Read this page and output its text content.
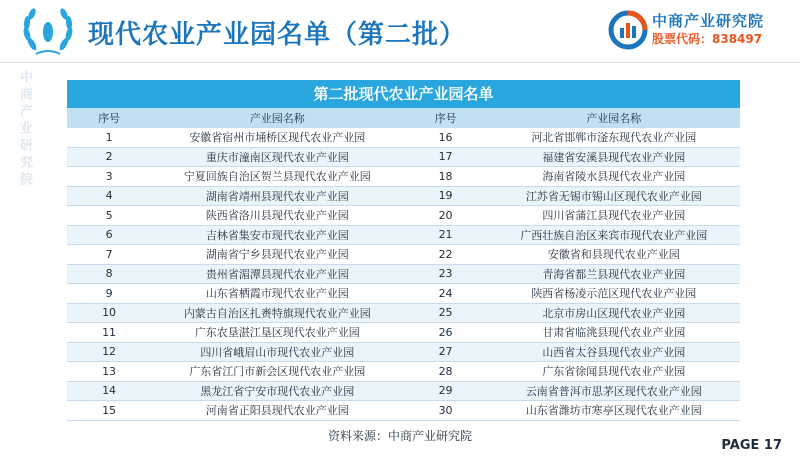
现代农业产业园名单（第二批）	中商产业研究院
股票代码：838497
中商产业研究院	第二批现代农业产业园名单
序号	产业园名称	序号	产业园名称
1	安徽省宿州市埇桥区现代农业产业园	16	河北省邯郸市滏东现代农业产业园
2	重庆市潼南区现代农业产业园	17	福建省安溪县现代农业产业园
3	宁夏回族自治区贺兰县现代农业产业园	18	海南省陵水县现代农业产业园
4	湖南省靖州县现代农业产业园	19	江苏省无锡市锡山区现代农业产业园
5	陕西省洛川县现代农业产业园	20	四川省蒲江县现代农业产业园
6	吉林省集安市现代农业产业园	21	广西壮族自治区来宾市现代农业产业园
7	湖南省宁乡县现代农业产业园	22	安徽省和县现代农业产业园
8	贵州省湄潭县现代农业产业园	23	青海省都兰县现代农业产业园
9	山东省栖霞市现代农业产业园	24	陕西省杨凌示范区现代农业产业园
10	内蒙古自治区扎赉特旗现代农业产业园	25	北京市房山区现代农业产业园
11	广东农垦湛江垦区现代农业产业园	26	甘肃省临洮县现代农业产业园
12	四川省峨眉山市现代农业产业园	27	山西省太谷县现代农业产业园
13	广东省江门市新会区现代农业产业园	28	广东省徐闻县现代农业产业园
14	黑龙江省宁安市现代农业产业园	29	云南省普洱市思茅区现代农业产业园
15	河南省正阳县现代农业产业园	30	山东省潍坊市寒亭区现代农业产业园
资料来源：中商产业研究院
PAGE 17
